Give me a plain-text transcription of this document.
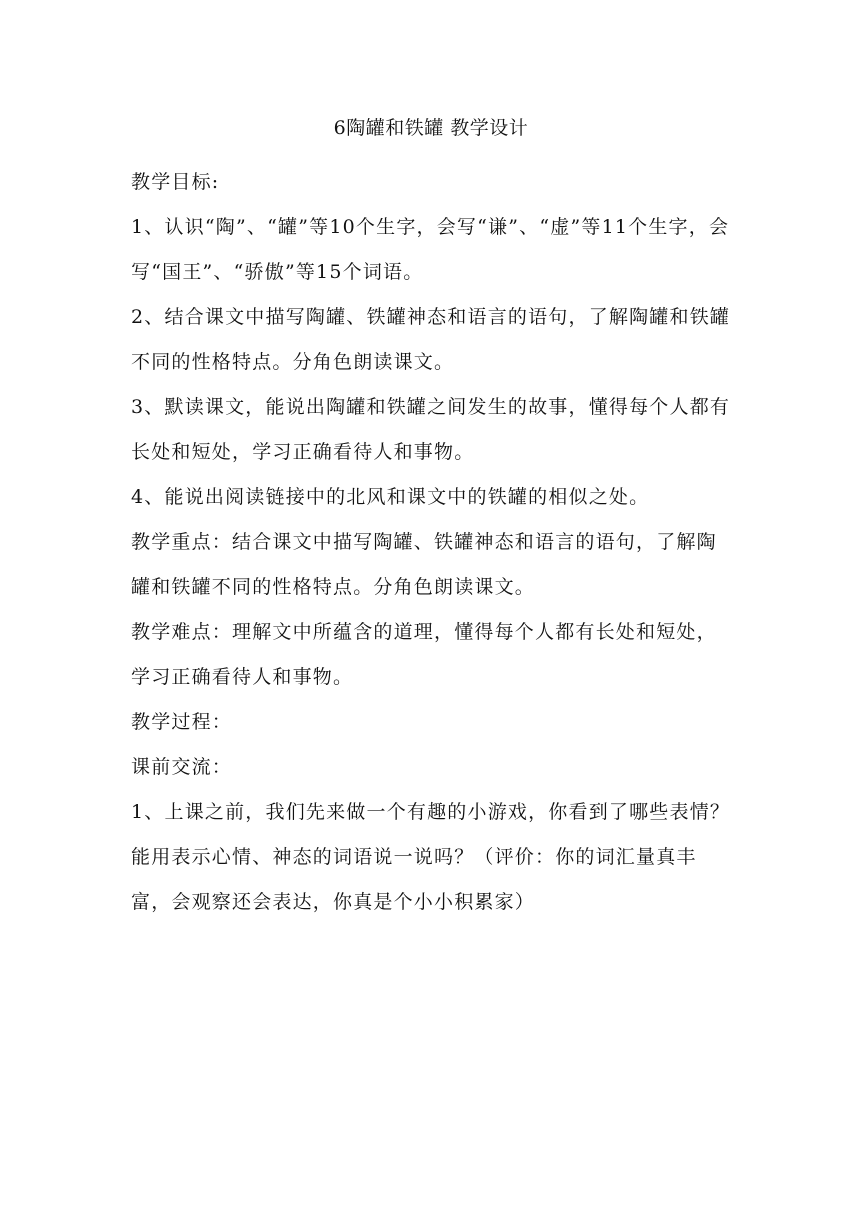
6陶罐和铁罐 教学设计

教学目标:

1、认识“陶”、“罐”等10个生字，会写“谦”、“虚”等11个生字，会写“国王”、“骄傲”等15个词语。

2、结合课文中描写陶罐、铁罐神态和语言的语句，了解陶罐和铁罐不同的性格特点。分角色朗读课文。

3、默读课文，能说出陶罐和铁罐之间发生的故事，懂得每个人都有长处和短处，学习正确看待人和事物。

4、能说出阅读链接中的北风和课文中的铁罐的相似之处。

教学重点：结合课文中描写陶罐、铁罐神态和语言的语句，了解陶罐和铁罐不同的性格特点。分角色朗读课文。

教学难点：理解文中所蕴含的道理，懂得每个人都有长处和短处，学习正确看待人和事物。

教学过程：

课前交流：

1、上课之前，我们先来做一个有趣的小游戏，你看到了哪些表情？能用表示心情、神态的词语说一说吗？（评价：你的词汇量真丰富，会观察还会表达，你真是个小小积累家）
